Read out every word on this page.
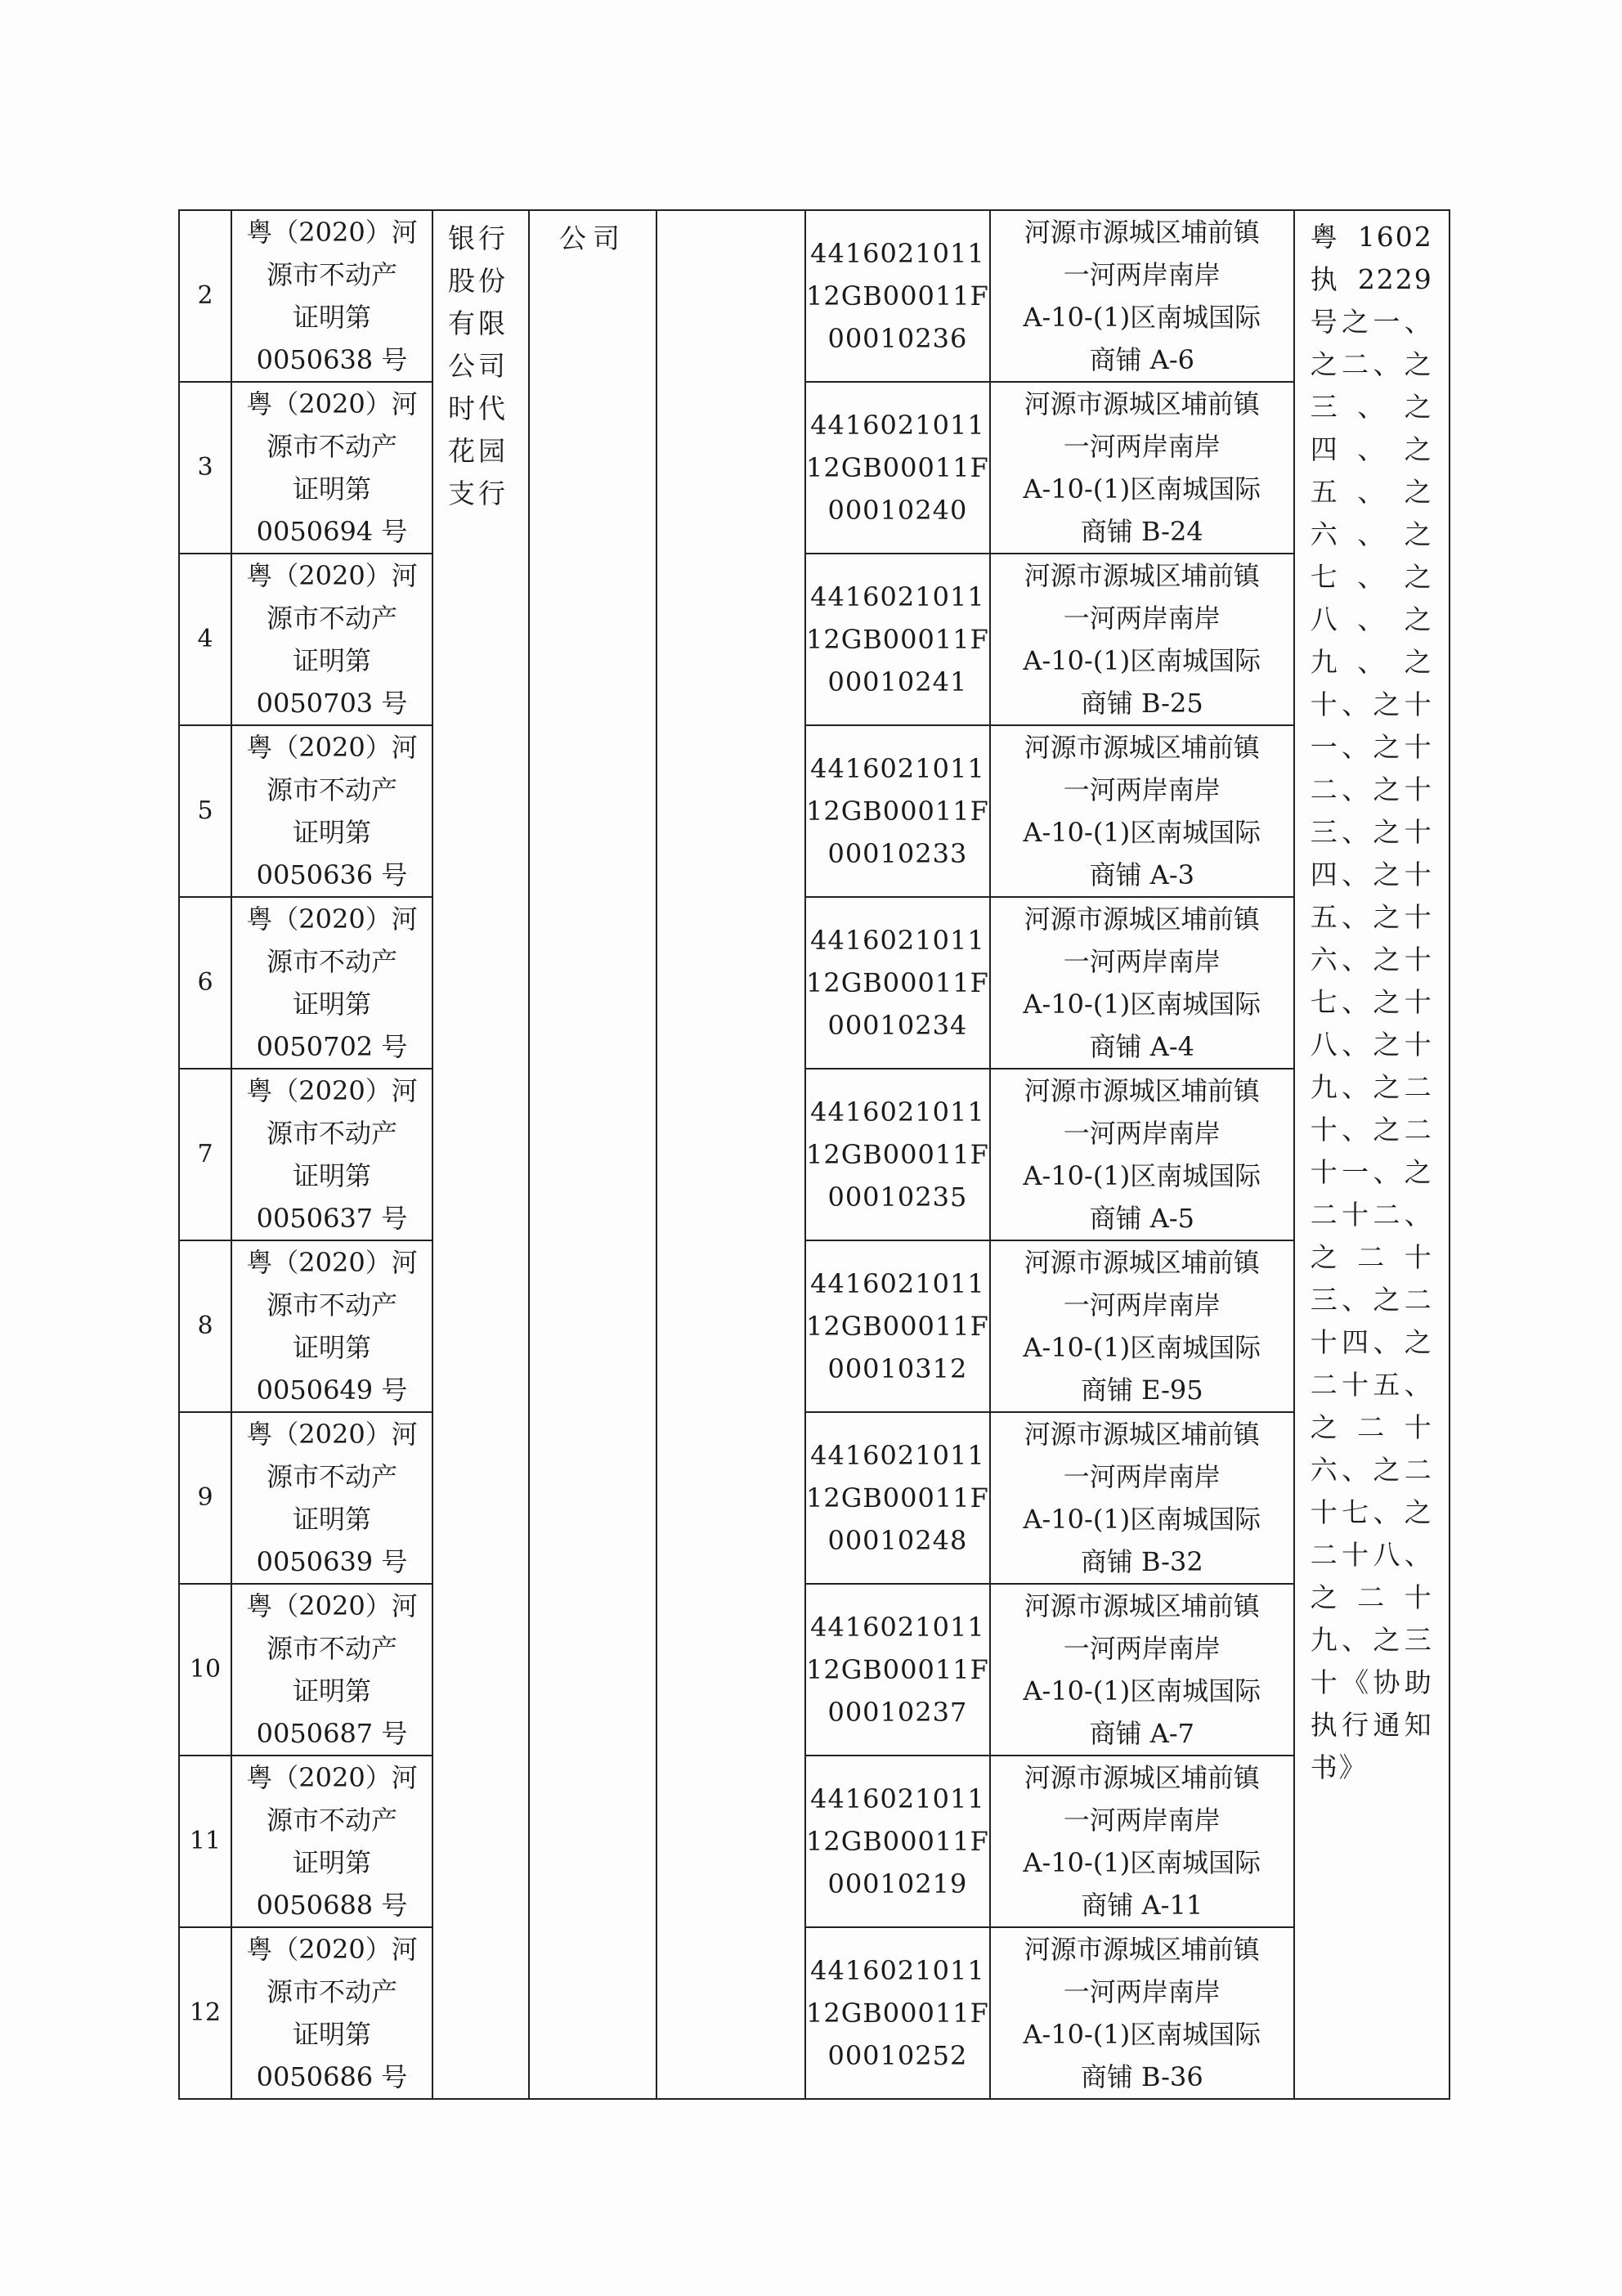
2	粤（2020）河
源市不动产
证明第
0050638 号	银行股份有限公司时代花园支行	公司		4416021011
12GB00011F
00010236	河源市源城区埔前镇
一河两岸南岸
A-10-(1)区南城国际
商铺 A-6	粤1602执2229号之一、之二、之三、之四、之五、之六、之七、之八、之九、之十、之十一、之十二、之十三、之十四、之十五、之十六、之十七、之十八、之十九、之二十、之二十一、之二十二、之二十三、之二十四、之二十五、之二十六、之二十七、之二十八、之二十九、之三十《协助执行通知书》

3	粤（2020）河
源市不动产
证明第
0050694 号				4416021011
12GB00011F
00010240	河源市源城区埔前镇
一河两岸南岸
A-10-(1)区南城国际
商铺 B-24	

4	粤（2020）河
源市不动产
证明第
0050703 号				4416021011
12GB00011F
00010241	河源市源城区埔前镇
一河两岸南岸
A-10-(1)区南城国际
商铺 B-25	

5	粤（2020）河
源市不动产
证明第
0050636 号				4416021011
12GB00011F
00010233	河源市源城区埔前镇
一河两岸南岸
A-10-(1)区南城国际
商铺 A-3	

6	粤（2020）河
源市不动产
证明第
0050702 号				4416021011
12GB00011F
00010234	河源市源城区埔前镇
一河两岸南岸
A-10-(1)区南城国际
商铺 A-4	

7	粤（2020）河
源市不动产
证明第
0050637 号				4416021011
12GB00011F
00010235	河源市源城区埔前镇
一河两岸南岸
A-10-(1)区南城国际
商铺 A-5	

8	粤（2020）河
源市不动产
证明第
0050649 号				4416021011
12GB00011F
00010312	河源市源城区埔前镇
一河两岸南岸
A-10-(1)区南城国际
商铺 E-95	

9	粤（2020）河
源市不动产
证明第
0050639 号				4416021011
12GB00011F
00010248	河源市源城区埔前镇
一河两岸南岸
A-10-(1)区南城国际
商铺 B-32	

10	粤（2020）河
源市不动产
证明第
0050687 号				4416021011
12GB00011F
00010237	河源市源城区埔前镇
一河两岸南岸
A-10-(1)区南城国际
商铺 A-7	

11	粤（2020）河
源市不动产
证明第
0050688 号				4416021011
12GB00011F
00010219	河源市源城区埔前镇
一河两岸南岸
A-10-(1)区南城国际
商铺 A-11	

12	粤（2020）河
源市不动产
证明第
0050686 号				4416021011
12GB00011F
00010252	河源市源城区埔前镇
一河两岸南岸
A-10-(1)区南城国际
商铺 B-36	
